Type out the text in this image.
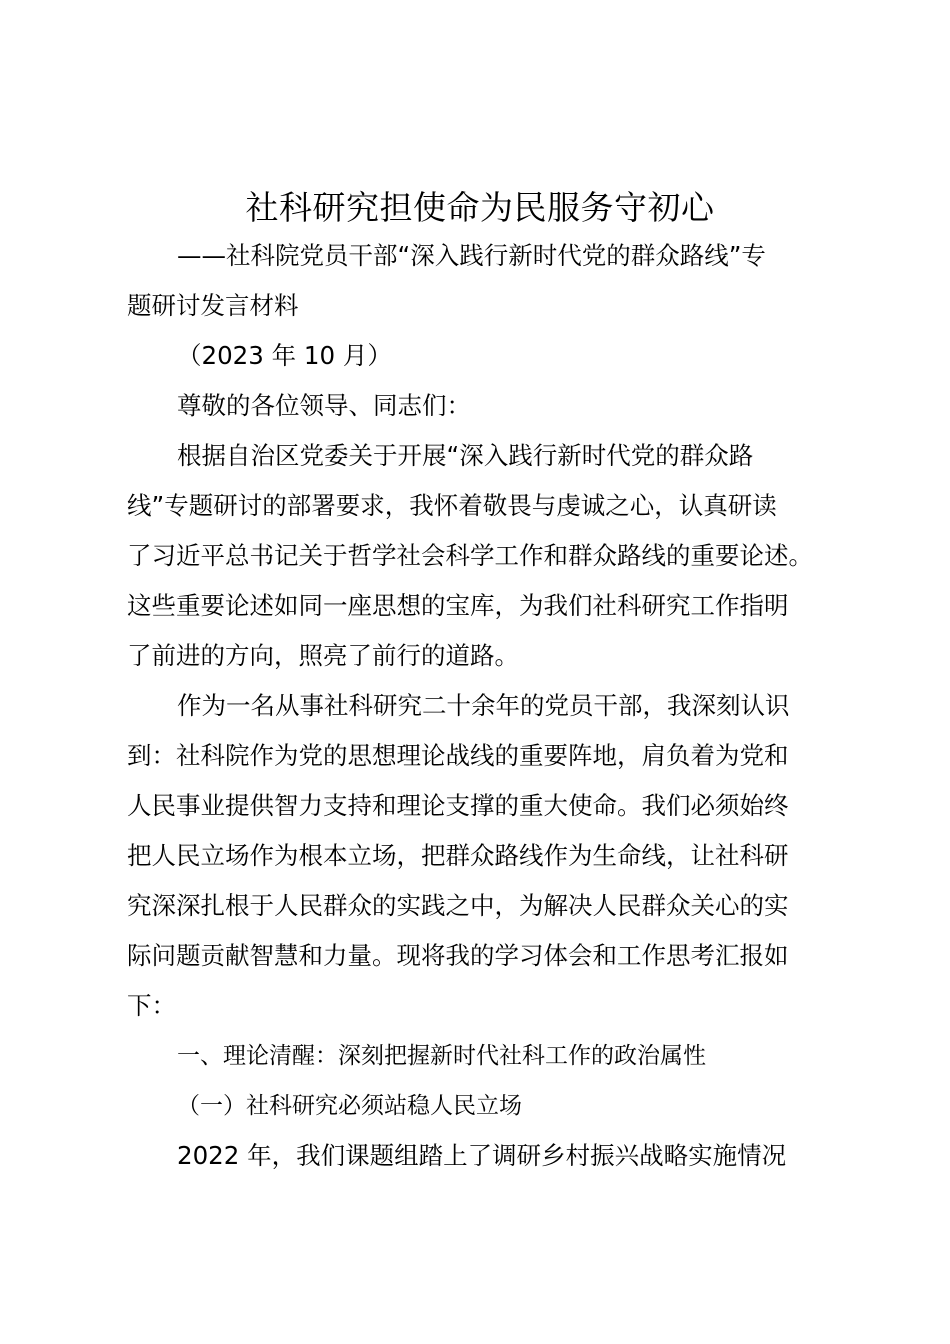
社科研究担使命为民服务守初心
——社科院党员干部“深入践行新时代党的群众路线”专
题研讨发言材料
（2023 年 10 月）
尊敬的各位领导、同志们：
根据自治区党委关于开展“深入践行新时代党的群众路
线”专题研讨的部署要求，我怀着敬畏与虔诚之心，认真研读
了习近平总书记关于哲学社会科学工作和群众路线的重要论述。
这些重要论述如同一座思想的宝库，为我们社科研究工作指明
了前进的方向，照亮了前行的道路。
作为一名从事社科研究二十余年的党员干部，我深刻认识
到：社科院作为党的思想理论战线的重要阵地，肩负着为党和
人民事业提供智力支持和理论支撑的重大使命。我们必须始终
把人民立场作为根本立场，把群众路线作为生命线，让社科研
究深深扎根于人民群众的实践之中，为解决人民群众关心的实
际问题贡献智慧和力量。现将我的学习体会和工作思考汇报如
下：
一、理论清醒：深刻把握新时代社科工作的政治属性
（一）社科研究必须站稳人民立场
2022 年，我们课题组踏上了调研乡村振兴战略实施情况
